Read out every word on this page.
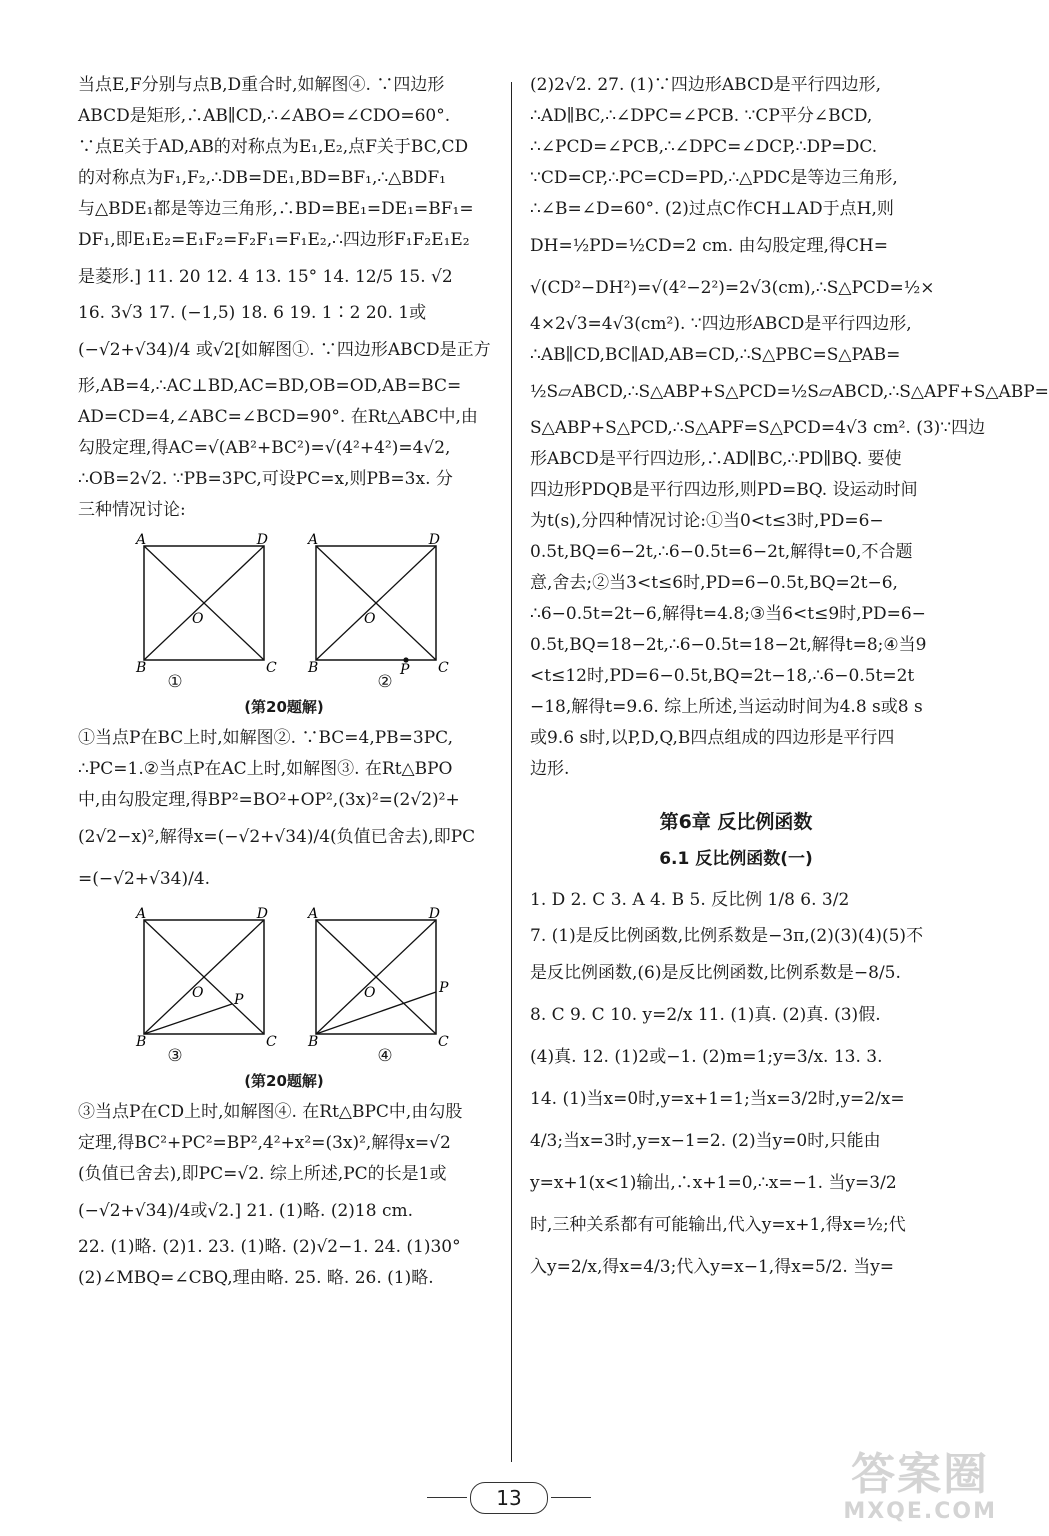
当点E,F分别与点B,D重合时,如解图④. ∵四边形
ABCD是矩形,∴AB∥CD,∴∠ABO=∠CDO=60°.
∵点E关于AD,AB的对称点为E₁,E₂,点F关于BC,CD
的对称点为F₁,F₂,∴DB=DE₁,BD=BF₁,∴△BDF₁
与△BDE₁都是等边三角形,∴BD=BE₁=DE₁=BF₁=
DF₁,即E₁E₂=E₁F₂=F₂F₁=F₁E₂,∴四边形F₁F₂E₁E₂
是菱形.] 11. 20 12. 4 13. 15° 14. 12/5 15. √2
16. 3√3 17. (−1,5) 18. 6 19. 1∶2 20. 1或
(−√2+√34)/4 或√2[如解图①. ∵四边形ABCD是正方
形,AB=4,∴AC⊥BD,AC=BD,OB=OD,AB=BC=
AD=CD=4,∠ABC=∠BCD=90°. 在Rt△ABC中,由
勾股定理,得AC=√(AB²+BC²)=√(4²+4²)=4√2,
∴OB=2√2. ∵PB=3PC,可设PC=x,则PB=3x. 分
三种情况讨论:
A	D
B	C
O
①
A	D
B	C
O
P
②
(第20题解)
①当点P在BC上时,如解图②. ∵BC=4,PB=3PC,
∴PC=1.②当点P在AC上时,如解图③. 在Rt△BPO
中,由勾股定理,得BP²=BO²+OP²,(3x)²=(2√2)²+
(2√2−x)²,解得x=(−√2+√34)/4(负值已舍去),即PC
=(−√2+√34)/4.
A	D
B	C
O P
③
A	D
B	C
O	P
④
(第20题解)
③当点P在CD上时,如解图④. 在Rt△BPC中,由勾股
定理,得BC²+PC²=BP²,4²+x²=(3x)²,解得x=√2
(负值已舍去),即PC=√2. 综上所述,PC的长是1或
(−√2+√34)/4或√2.] 21. (1)略. (2)18 cm.
22. (1)略. (2)1. 23. (1)略. (2)√2−1. 24. (1)30°
(2)∠MBQ=∠CBQ,理由略. 25. 略. 26. (1)略.
(2)2√2. 27. (1)∵四边形ABCD是平行四边形,
∴AD∥BC,∴∠DPC=∠PCB. ∵CP平分∠BCD,
∴∠PCD=∠PCB,∴∠DPC=∠DCP,∴DP=DC.
∵CD=CP,∴PC=CD=PD,∴△PDC是等边三角形,
∴∠B=∠D=60°. (2)过点C作CH⊥AD于点H,则
DH=½PD=½CD=2 cm. 由勾股定理,得CH=
√(CD²−DH²)=√(4²−2²)=2√3(cm),∴S△PCD=½×
4×2√3=4√3(cm²). ∵四边形ABCD是平行四边形,
∴AB∥CD,BC∥AD,AB=CD,∴S△PBC=S△PAB=
½S▱ABCD,∴S△ABP+S△PCD=½S▱ABCD,∴S△APF+S△ABP=
S△ABP+S△PCD,∴S△APF=S△PCD=4√3 cm². (3)∵四边
形ABCD是平行四边形,∴AD∥BC,∴PD∥BQ. 要使
四边形PDQB是平行四边形,则PD=BQ. 设运动时间
为t(s),分四种情况讨论:①当0<t≤3时,PD=6−
0.5t,BQ=6−2t,∴6−0.5t=6−2t,解得t=0,不合题
意,舍去;②当3<t≤6时,PD=6−0.5t,BQ=2t−6,
∴6−0.5t=2t−6,解得t=4.8;③当6<t≤9时,PD=6−
0.5t,BQ=18−2t,∴6−0.5t=18−2t,解得t=8;④当9
<t≤12时,PD=6−0.5t,BQ=2t−18,∴6−0.5t=2t
−18,解得t=9.6. 综上所述,当运动时间为4.8 s或8 s
或9.6 s时,以P,D,Q,B四点组成的四边形是平行四
边形.
第6章 反比例函数
6.1 反比例函数(一)
1. D 2. C 3. A 4. B 5. 反比例 1/8 6. 3/2
7. (1)是反比例函数,比例系数是−3π,(2)(3)(4)(5)不
是反比例函数,(6)是反比例函数,比例系数是−8/5.
8. C 9. C 10. y=2/x 11. (1)真. (2)真. (3)假.
(4)真. 12. (1)2或−1. (2)m=1;y=3/x. 13. 3.
14. (1)当x=0时,y=x+1=1;当x=3/2时,y=2/x=
4/3;当x=3时,y=x−1=2. (2)当y=0时,只能由
y=x+1(x<1)输出,∴x+1=0,∴x=−1. 当y=3/2
时,三种关系都有可能输出,代入y=x+1,得x=½;代
入y=2/x,得x=4/3;代入y=x−1,得x=5/2. 当y=
13	答案圈
MXQE.COM
